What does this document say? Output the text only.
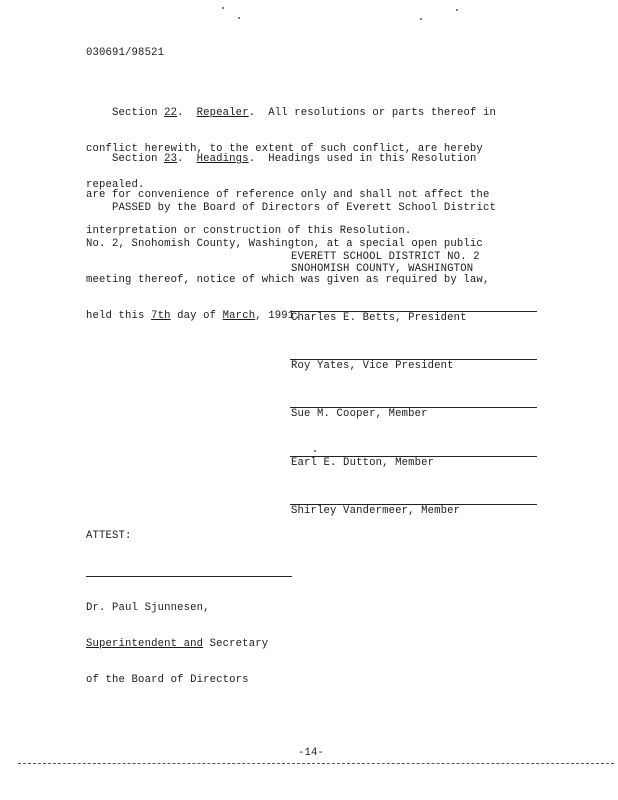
030691/98521

Section 22.  Repealer.  All resolutions or parts thereof in

conflict herewith, to the extent of such conflict, are hereby

repealed.

Section 23.  Headings.  Headings used in this Resolution

are for convenience of reference only and shall not affect the

interpretation or construction of this Resolution.

PASSED by the Board of Directors of Everett School District

No. 2, Snohomish County, Washington, at a special open public

meeting thereof, notice of which was given as required by law,

held this 7th day of March, 1991.

EVERETT SCHOOL DISTRICT NO. 2
SNOHOMISH COUNTY, WASHINGTON
Charles E. Betts, President
Roy Yates, Vice President
Sue M. Cooper, Member
Earl E. Dutton, Member
Shirley Vandermeer, Member
ATTEST:

Dr. Paul Sjunnesen,

Superintendent and Secretary

of the Board of Directors

-14-
